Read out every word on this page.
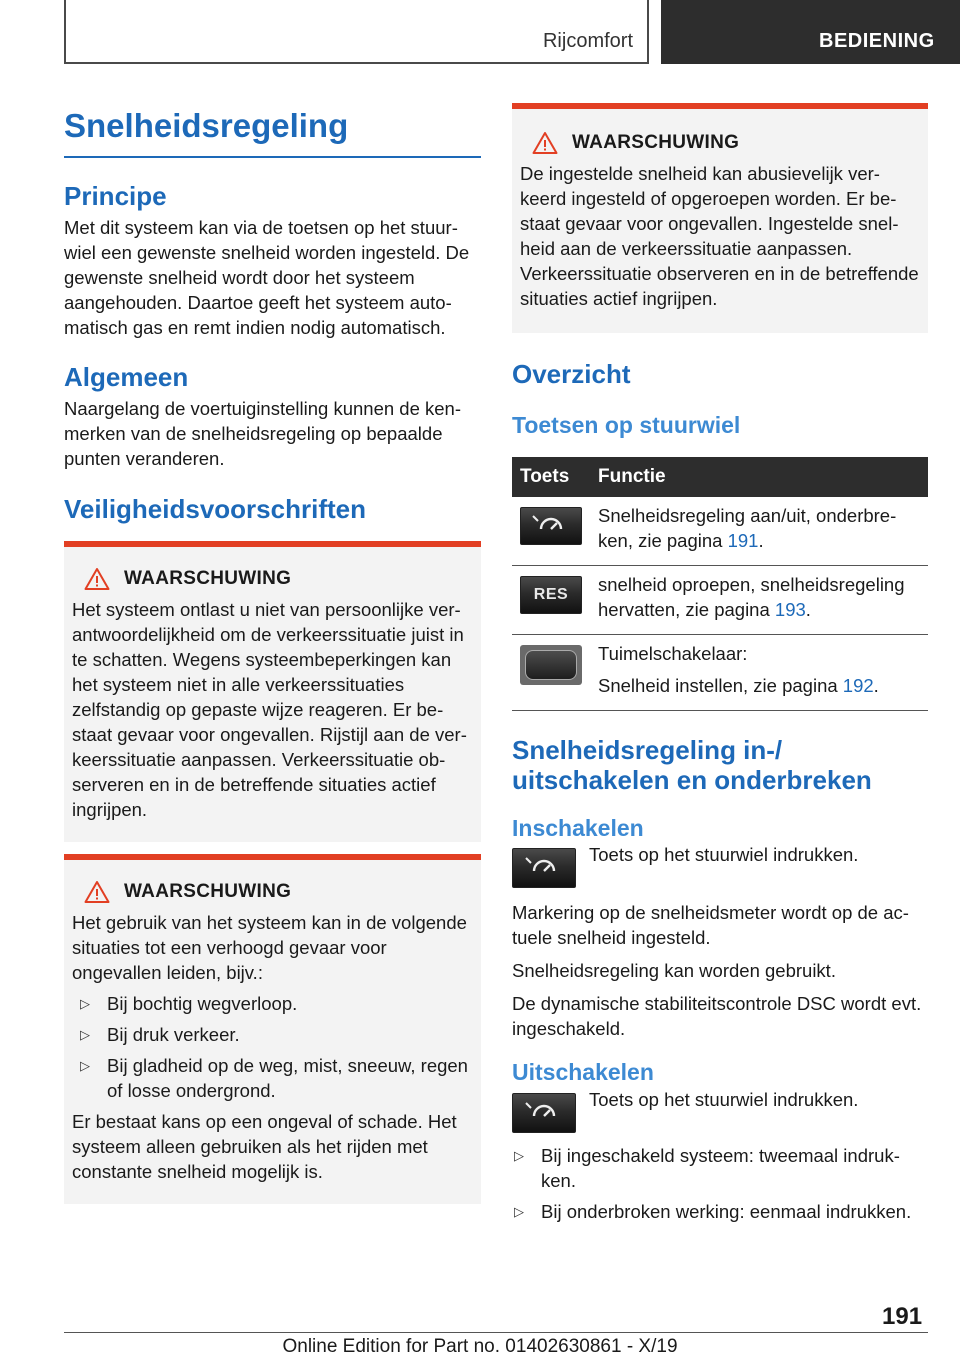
Rijcomfort	BEDIENING
Snelheidsregeling
Principe
Met dit systeem kan via de toetsen op het stuurwiel een gewenste snelheid worden ingesteld. De gewenste snelheid wordt door het systeem aangehouden. Daartoe geeft het systeem automatisch gas en remt indien nodig automatisch.
Algemeen
Naargelang de voertuiginstelling kunnen de kenmerken van de snelheidsregeling op bepaalde punten veranderen.
Veiligheidsvoorschriften
WAARSCHUWING
Het systeem ontlast u niet van persoonlijke verantwoordelijkheid om de verkeerssituatie juist in te schatten. Wegens systeembeperkingen kan het systeem niet in alle verkeerssituaties zelfstandig op gepaste wijze reageren. Er bestaat gevaar voor ongevallen. Rijstijl aan de verkeerssituatie aanpassen. Verkeerssituatie observeren en in de betreffende situaties actief ingrijpen.
WAARSCHUWING
Het gebruik van het systeem kan in de volgende situaties tot een verhoogd gevaar voor ongevallen leiden, bijv.:
▷ Bij bochtig wegverloop.
▷ Bij druk verkeer.
▷ Bij gladheid op de weg, mist, sneeuw, regen of losse ondergrond.
Er bestaat kans op een ongeval of schade. Het systeem alleen gebruiken als het rijden met constante snelheid mogelijk is.
WAARSCHUWING
De ingestelde snelheid kan abusievelijk verkeerd ingesteld of opgeroepen worden. Er bestaat gevaar voor ongevallen. Ingestelde snelheid aan de verkeerssituatie aanpassen. Verkeerssituatie observeren en in de betreffende situaties actief ingrijpen.
Overzicht
Toetsen op stuurwiel
Toets	Functie

	Snelheidsregeling aan/uit, onderbreken, zie pagina 191.

RES	snelheid oproepen, snelheidsregeling hervatten, zie pagina 193.

	Tuimelschakelaar:
Snelheid instellen, zie pagina 192.
Snelheidsregeling in-/ uitschakelen en onderbreken
Inschakelen
Toets op het stuurwiel indrukken.
Markering op de snelheidsmeter wordt op de actuele snelheid ingesteld.
Snelheidsregeling kan worden gebruikt.
De dynamische stabiliteitscontrole DSC wordt evt. ingeschakeld.
Uitschakelen
Toets op het stuurwiel indrukken.
▷ Bij ingeschakeld systeem: tweemaal indrukken.
▷ Bij onderbroken werking: eenmaal indrukken.
191
Online Edition for Part no. 01402630861 - X/19
